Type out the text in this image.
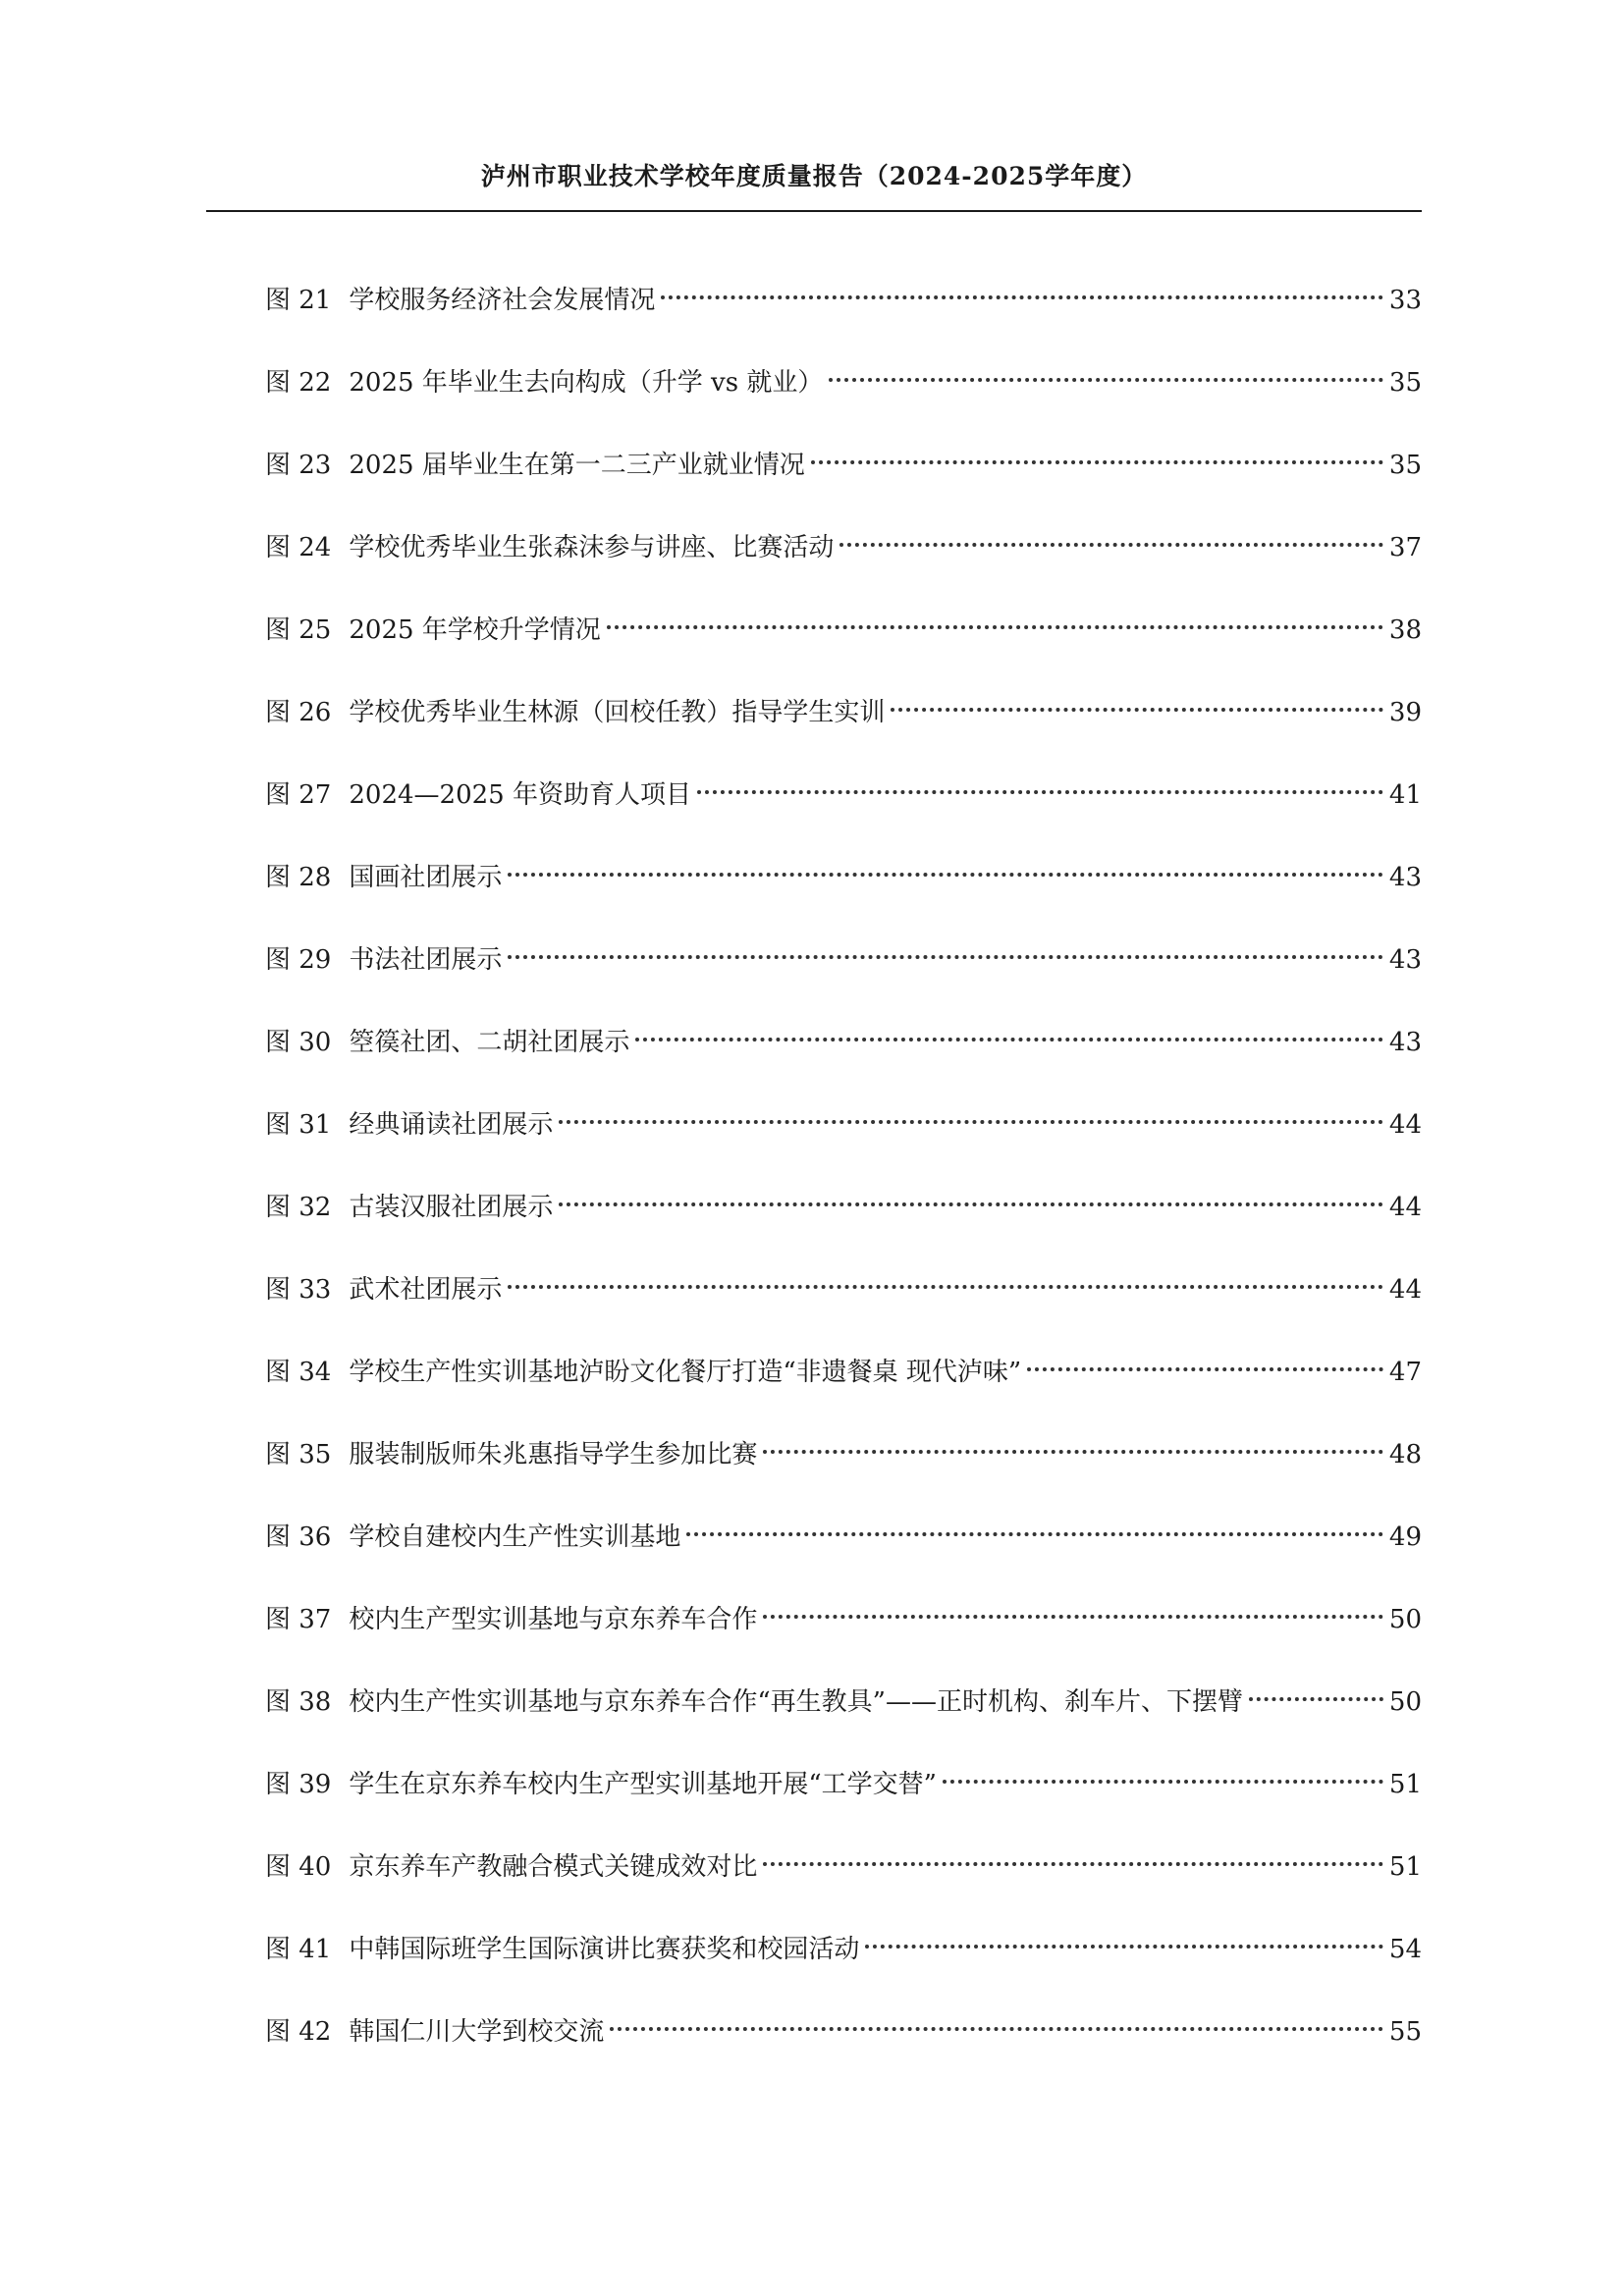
泸州市职业技术学校年度质量报告（2024-2025学年度）
图 21 学校服务经济社会发展情况	33
图 22 2025 年毕业生去向构成（升学 vs 就业）	35
图 23 2025 届毕业生在第一二三产业就业情况	35
图 24 学校优秀毕业生张森沫参与讲座、比赛活动	37
图 25 2025 年学校升学情况	38
图 26 学校优秀毕业生林源（回校任教）指导学生实训	39
图 27 2024—2025 年资助育人项目	41
图 28 国画社团展示	43
图 29 书法社团展示	43
图 30 箜篌社团、二胡社团展示	43
图 31 经典诵读社团展示	44
图 32 古装汉服社团展示	44
图 33 武术社团展示	44
图 34 学校生产性实训基地泸盼文化餐厅打造“非遗餐桌 现代泸味”	47
图 35 服装制版师朱兆惠指导学生参加比赛	48
图 36 学校自建校内生产性实训基地	49
图 37 校内生产型实训基地与京东养车合作	50
图 38 校内生产性实训基地与京东养车合作“再生教具”——正时机构、刹车片、下摆臂	50
图 39 学生在京东养车校内生产型实训基地开展“工学交替”	51
图 40 京东养车产教融合模式关键成效对比	51
图 41 中韩国际班学生国际演讲比赛获奖和校园活动	54
图 42 韩国仁川大学到校交流	55
